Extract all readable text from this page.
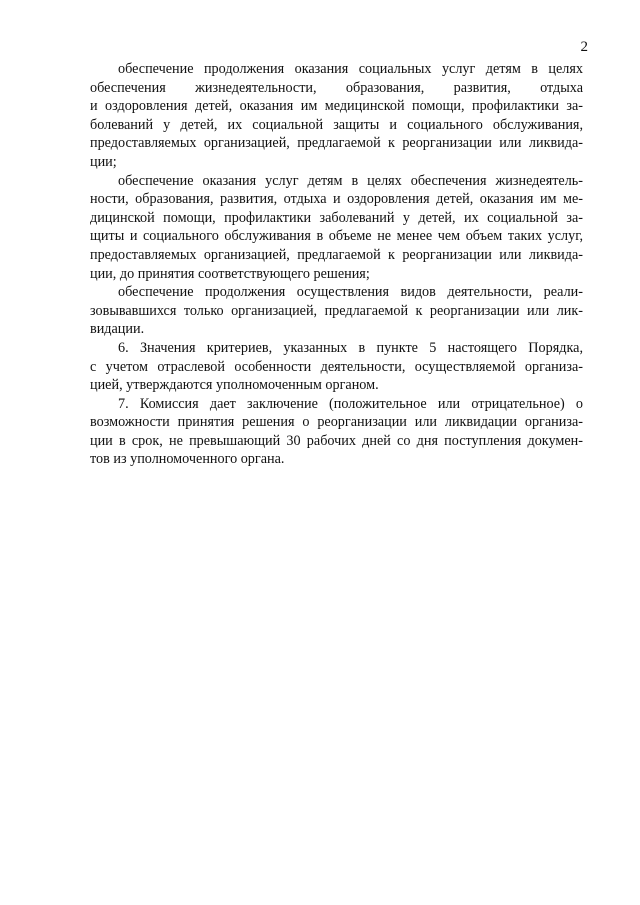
2
обеспечение продолжения оказания социальных услуг детям в целях
обеспечения жизнедеятельности, образования, развития, отдыха
и оздоровления детей, оказания им медицинской помощи, профилактики за-
болеваний у детей, их социальной защиты и социального обслуживания,
предоставляемых организацией, предлагаемой к реорганизации или ликвида-
ции;
обеспечение оказания услуг детям в целях обеспечения жизнедеятель-
ности, образования, развития, отдыха и оздоровления детей, оказания им ме-
дицинской помощи, профилактики заболеваний у детей, их социальной за-
щиты и социального обслуживания в объеме не менее чем объем таких услуг,
предоставляемых организацией, предлагаемой к реорганизации или ликвида-
ции, до принятия соответствующего решения;
обеспечение продолжения осуществления видов деятельности, реали-
зовывавшихся только организацией, предлагаемой к реорганизации или лик-
видации.
6. Значения критериев, указанных в пункте 5 настоящего Порядка,
с учетом отраслевой особенности деятельности, осуществляемой организа-
цией, утверждаются уполномоченным органом.
7. Комиссия дает заключение (положительное или отрицательное) о
возможности принятия решения о реорганизации или ликвидации организа-
ции в срок, не превышающий 30 рабочих дней со дня поступления докумен-
тов из уполномоченного органа.
